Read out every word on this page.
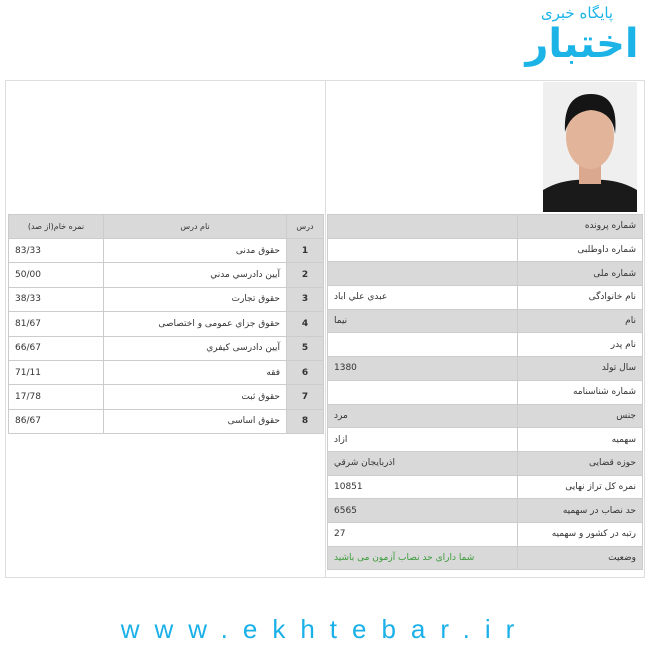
پایگاه خبری
اختبار
شماره پرونده	
شماره داوطلبی	
شماره ملی	
نام خانوادگی	عبدي علي اباد
نام	نیما
نام پدر	
سال تولد	1380
شماره شناسنامه	
جنس	مرد
سهمیه	ازاد
حوزه قضایی	اذربايجان شرقي
نمره کل تراز نهایی	10851
حد نصاب در سهمیه	6565
رتبه در کشور و سهمیه	27
وضعیت	شما دارای حد نصاب آزمون می باشید
درس	نام درس	نمره خام(از صد)
1	حقوق مدنی	83/33
2	آيين دادرسي مدني	50/00
3	حقوق تجارت	38/33
4	حقوق جزاي عمومی و اختصاصی	81/67
5	آيين دادرسی کيفري	66/67
6	فقه	71/11
7	حقوق ثبت	17/78
8	حقوق اساسی	86/67
www.ekhtebar.ir
